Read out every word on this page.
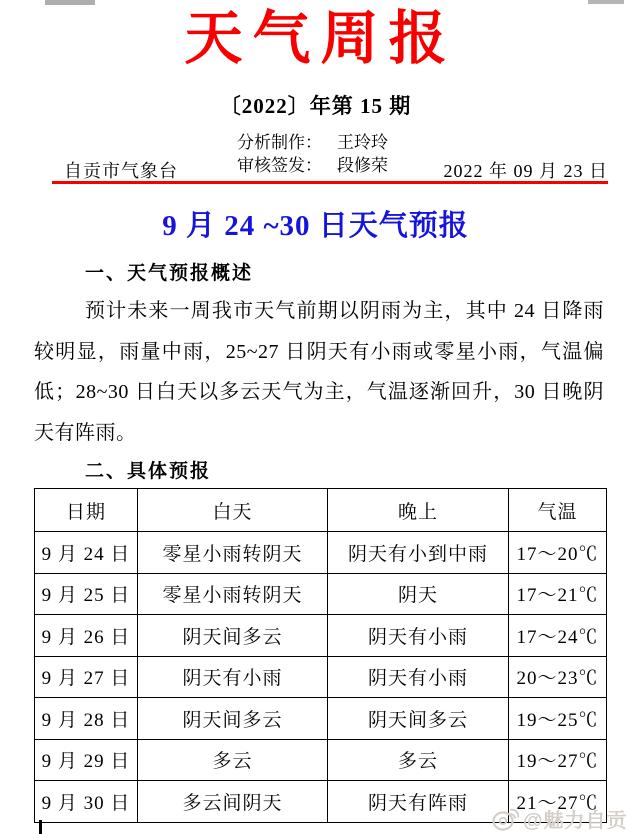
天气周报
〔2022〕年第 15 期
分析制作： 王玲玲
审核签发： 段修荣
自贡市气象台	2022 年 09 月 23 日
9 月 24 ~30 日天气预报
一、天气预报概述
预计未来一周我市天气前期以阴雨为主，其中 24 日降雨较明显，雨量中雨，25~27 日阴天有小雨或零星小雨，气温偏低；28~30 日白天以多云天气为主，气温逐渐回升，30 日晚阴天有阵雨。
二、具体预报
日期	白天	晚上	气温
9 月 24 日	零星小雨转阴天	阴天有小到中雨	17～20℃
9 月 25 日	零星小雨转阴天	阴天	17～21℃
9 月 26 日	阴天间多云	阴天有小雨	17～24℃
9 月 27 日	阴天有小雨	阴天有小雨	20～23℃
9 月 28 日	阴天间多云	阴天间多云	19～25℃
9 月 29 日	多云	多云	19～27℃
9 月 30 日	多云间阴天	阴天有阵雨	21～27℃
@魅力自贡
